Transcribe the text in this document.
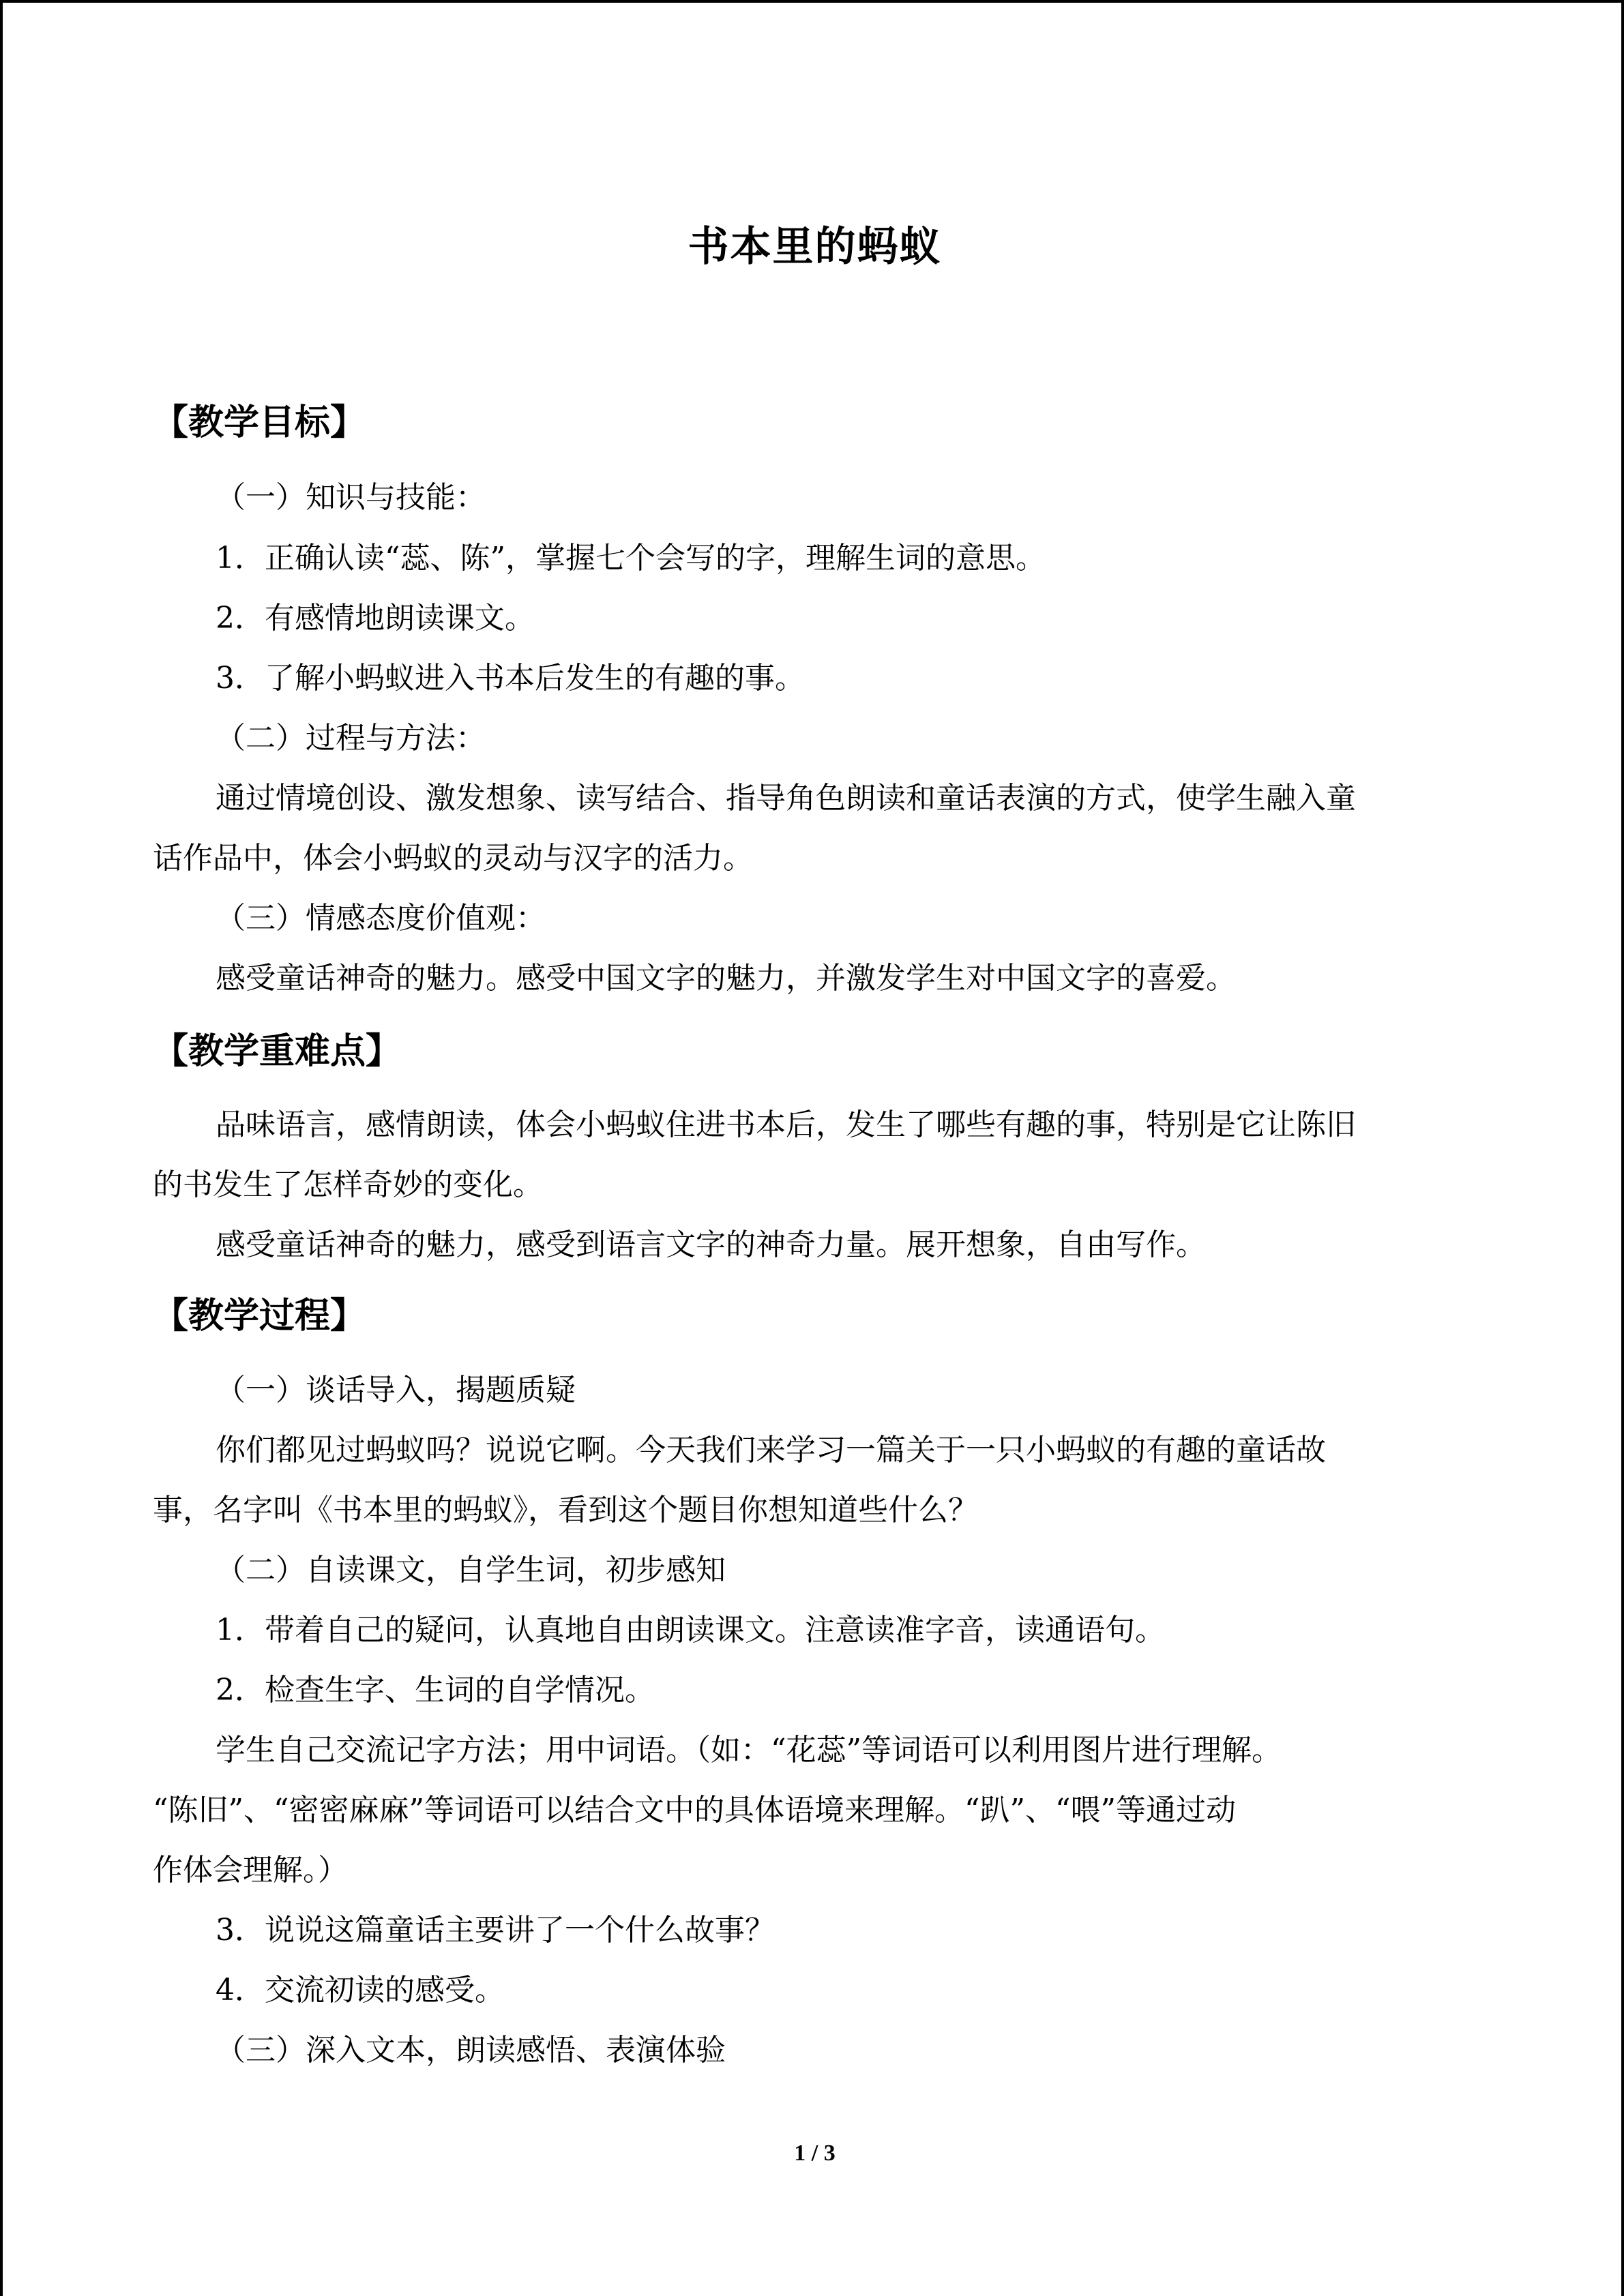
书本里的蚂蚁
【教学目标】
（一）知识与技能：
1．正确认读“蕊、陈”，掌握七个会写的字，理解生词的意思。
2．有感情地朗读课文。
3．了解小蚂蚁进入书本后发生的有趣的事。
（二）过程与方法：
通过情境创设、激发想象、读写结合、指导角色朗读和童话表演的方式，使学生融入童
话作品中，体会小蚂蚁的灵动与汉字的活力。
（三）情感态度价值观：
感受童话神奇的魅力。感受中国文字的魅力，并激发学生对中国文字的喜爱。
【教学重难点】
品味语言，感情朗读，体会小蚂蚁住进书本后，发生了哪些有趣的事，特别是它让陈旧
的书发生了怎样奇妙的变化。
感受童话神奇的魅力，感受到语言文字的神奇力量。展开想象，自由写作。
【教学过程】
（一）谈话导入，揭题质疑
你们都见过蚂蚁吗？说说它啊。今天我们来学习一篇关于一只小蚂蚁的有趣的童话故
事，名字叫《书本里的蚂蚁》，看到这个题目你想知道些什么？
（二）自读课文，自学生词，初步感知
1．带着自己的疑问，认真地自由朗读课文。注意读准字音，读通语句。
2．检查生字、生词的自学情况。
学生自己交流记字方法；用中词语。（如：“花蕊”等词语可以利用图片进行理解。
“陈旧”、“密密麻麻”等词语可以结合文中的具体语境来理解。“趴”、“喂”等通过动
作体会理解。）
3．说说这篇童话主要讲了一个什么故事？
4．交流初读的感受。
（三）深入文本，朗读感悟、表演体验
1 / 3
